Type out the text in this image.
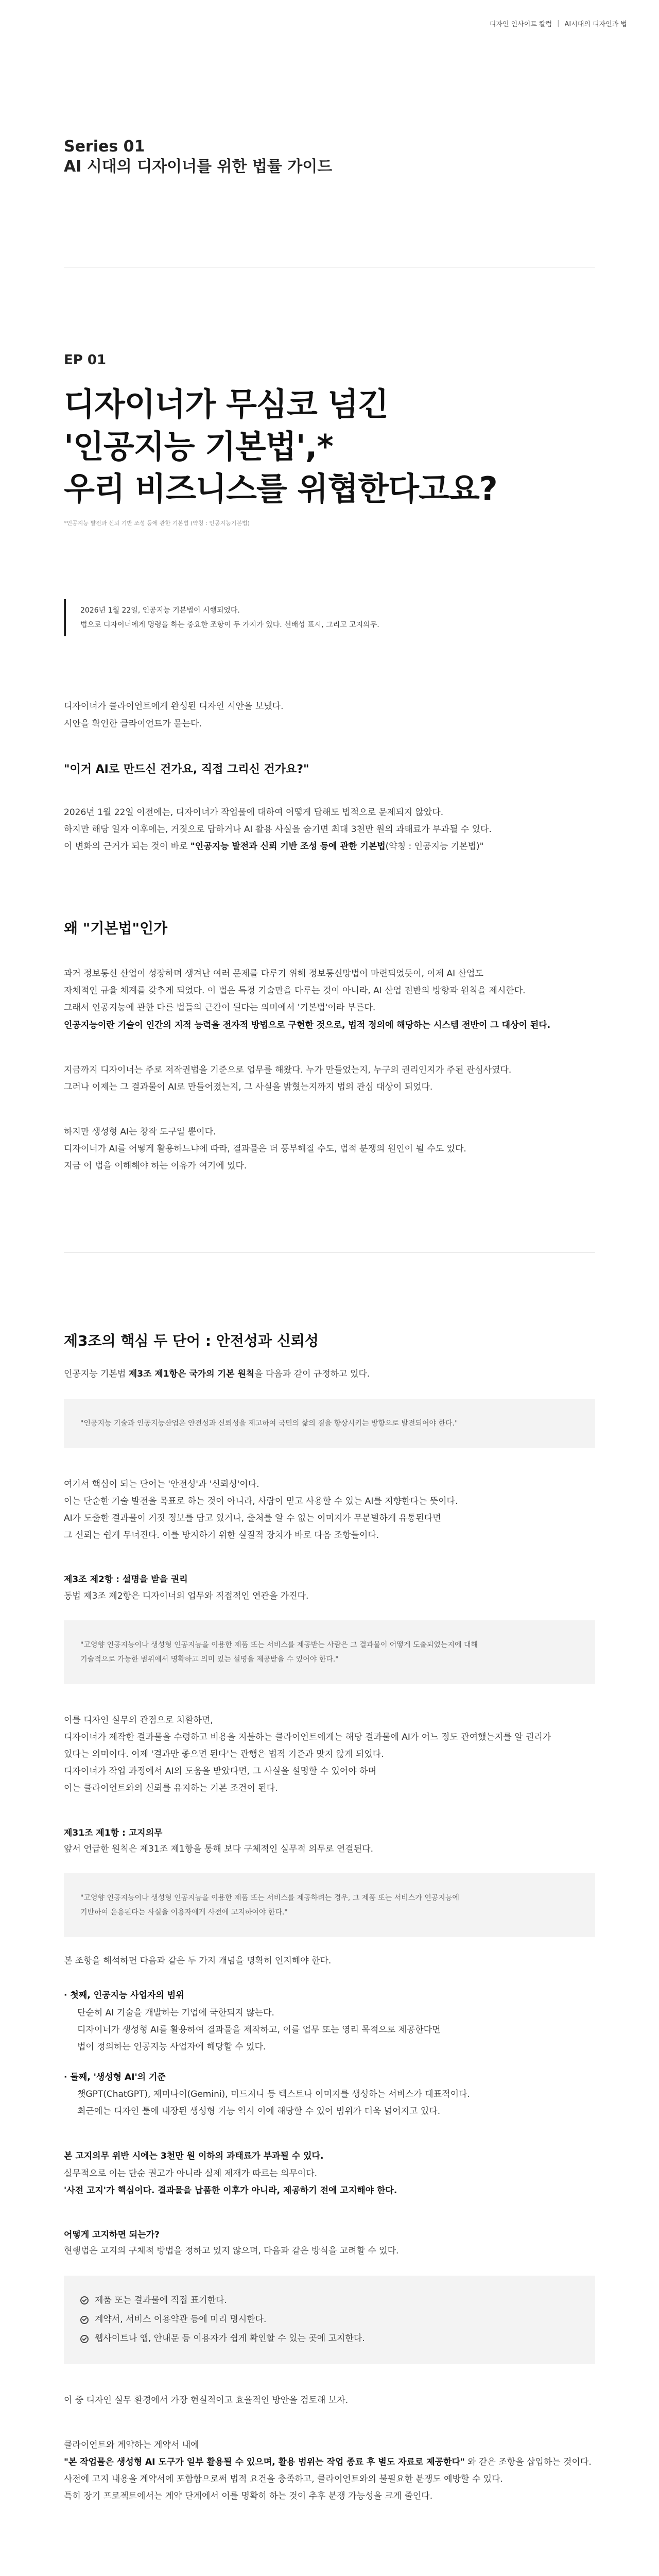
디자인 인사이트 칼럼 | AI시대의 디자인과 법
Series 01
AI 시대의 디자이너를 위한 법률 가이드
EP 01
디자이너가 무심코 넘긴
'인공지능 기본법',*
우리 비즈니스를 위협한다고요?
*인공지능 발전과 신뢰 기반 조성 등에 관한 기본법 (약칭 : 인공지능기본법)
2026년 1월 22일, 인공지능 기본법이 시행되었다.
법으로 디자이너에게 명령을 하는 중요한 조항이 두 가지가 있다. 선배성 표시, 그리고 고지의무.
디자이너가 클라이언트에게 완성된 디자인 시안을 보냈다.
시안을 확인한 클라이언트가 묻는다.
"이거 AI로 만드신 건가요, 직접 그리신 건가요?"
2026년 1월 22일 이전에는, 디자이너가 작업물에 대하여 어떻게 답해도 법적으로 문제되지 않았다.
하지만 해당 일자 이후에는, 거짓으로 답하거나 AI 활용 사실을 숨기면 최대 3천만 원의 과태료가 부과될 수 있다.
이 변화의 근거가 되는 것이 바로 "인공지능 발전과 신뢰 기반 조성 등에 관한 기본법(약칭 : 인공지능 기본법)"
왜 "기본법"인가
과거 정보통신 산업이 성장하며 생겨난 여러 문제를 다루기 위해 정보통신망법이 마련되었듯이, 이제 AI 산업도
자체적인 규율 체계를 갖추게 되었다. 이 법은 특정 기술만을 다루는 것이 아니라, AI 산업 전반의 방향과 원칙을 제시한다.
그래서 인공지능에 관한 다른 법들의 근간이 된다는 의미에서 '기본법'이라 부른다.
인공지능이란 기술이 인간의 지적 능력을 전자적 방법으로 구현한 것으로, 법적 정의에 해당하는 시스템 전반이 그 대상이 된다.
지금까지 디자이너는 주로 저작권법을 기준으로 업무를 해왔다. 누가 만들었는지, 누구의 권리인지가 주된 관심사였다.
그러나 이제는 그 결과물이 AI로 만들어졌는지, 그 사실을 밝혔는지까지 법의 관심 대상이 되었다.
하지만 생성형 AI는 창작 도구일 뿐이다.
디자이너가 AI를 어떻게 활용하느냐에 따라, 결과물은 더 풍부해질 수도, 법적 분쟁의 원인이 될 수도 있다.
지금 이 법을 이해해야 하는 이유가 여기에 있다.
제3조의 핵심 두 단어 : 안전성과 신뢰성
인공지능 기본법 제3조 제1항은 국가의 기본 원칙을 다음과 같이 규정하고 있다.
"인공지능 기술과 인공지능산업은 안전성과 신뢰성을 제고하여 국민의 삶의 질을 향상시키는 방향으로 발전되어야 한다."
여기서 핵심이 되는 단어는 '안전성'과 '신뢰성'이다.
이는 단순한 기술 발전을 목표로 하는 것이 아니라, 사람이 믿고 사용할 수 있는 AI를 지향한다는 뜻이다.
AI가 도출한 결과물이 거짓 정보를 담고 있거나, 출처를 알 수 없는 이미지가 무분별하게 유통된다면
그 신뢰는 쉽게 무너진다. 이를 방지하기 위한 실질적 장치가 바로 다음 조항들이다.
제3조 제2항 : 설명을 받을 권리
동법 제3조 제2항은 디자이너의 업무와 직접적인 연관을 가진다.
"고영향 인공지능이나 생성형 인공지능을 이용한 제품 또는 서비스를 제공받는 사람은 그 결과물이 어떻게 도출되었는지에 대해
기술적으로 가능한 범위에서 명확하고 의미 있는 설명을 제공받을 수 있어야 한다."
이를 디자인 실무의 관점으로 치환하면,
디자이너가 제작한 결과물을 수령하고 비용을 지불하는 클라이언트에게는 해당 결과물에 AI가 어느 정도 관여했는지를 알 권리가
있다는 의미이다. 이제 '결과만 좋으면 된다'는 관행은 법적 기준과 맞지 않게 되었다.
디자이너가 작업 과정에서 AI의 도움을 받았다면, 그 사실을 설명할 수 있어야 하며
이는 클라이언트와의 신뢰를 유지하는 기본 조건이 된다.
제31조 제1항 : 고지의무
앞서 언급한 원칙은 제31조 제1항을 통해 보다 구체적인 실무적 의무로 연결된다.
"고영향 인공지능이나 생성형 인공지능을 이용한 제품 또는 서비스를 제공하려는 경우, 그 제품 또는 서비스가 인공지능에
기반하여 운용된다는 사실을 이용자에게 사전에 고지하여야 한다."
본 조항을 해석하면 다음과 같은 두 가지 개념을 명확히 인지해야 한다.
· 첫째, 인공지능 사업자의 범위
단순히 AI 기술을 개발하는 기업에 국한되지 않는다.
디자이너가 생성형 AI를 활용하여 결과물을 제작하고, 이를 업무 또는 영리 목적으로 제공한다면
법이 정의하는 인공지능 사업자에 해당할 수 있다.
· 둘째, '생성형 AI'의 기준
챗GPT(ChatGPT), 제미나이(Gemini), 미드저니 등 텍스트나 이미지를 생성하는 서비스가 대표적이다.
최근에는 디자인 툴에 내장된 생성형 기능 역시 이에 해당할 수 있어 범위가 더욱 넓어지고 있다.
본 고지의무 위반 시에는 3천만 원 이하의 과태료가 부과될 수 있다.
실무적으로 이는 단순 권고가 아니라 실제 제재가 따르는 의무이다.
'사전 고지'가 핵심이다. 결과물을 납품한 이후가 아니라, 제공하기 전에 고지해야 한다.
어떻게 고지하면 되는가?
현행법은 고지의 구체적 방법을 정하고 있지 않으며, 다음과 같은 방식을 고려할 수 있다.
제품 또는 결과물에 직접 표기한다.
계약서, 서비스 이용약관 등에 미리 명시한다.
웹사이트나 앱, 안내문 등 이용자가 쉽게 확인할 수 있는 곳에 고지한다.
이 중 디자인 실무 환경에서 가장 현실적이고 효율적인 방안을 검토해 보자.
클라이언트와 계약하는 계약서 내에
"본 작업물은 생성형 AI 도구가 일부 활용될 수 있으며, 활용 범위는 작업 종료 후 별도 자료로 제공한다" 와 같은 조항을 삽입하는 것이다.
사전에 고지 내용을 계약서에 포함함으로써 법적 요건을 충족하고, 클라이언트와의 불필요한 분쟁도 예방할 수 있다.
특히 장기 프로젝트에서는 계약 단계에서 이를 명확히 하는 것이 추후 분쟁 가능성을 크게 줄인다.
